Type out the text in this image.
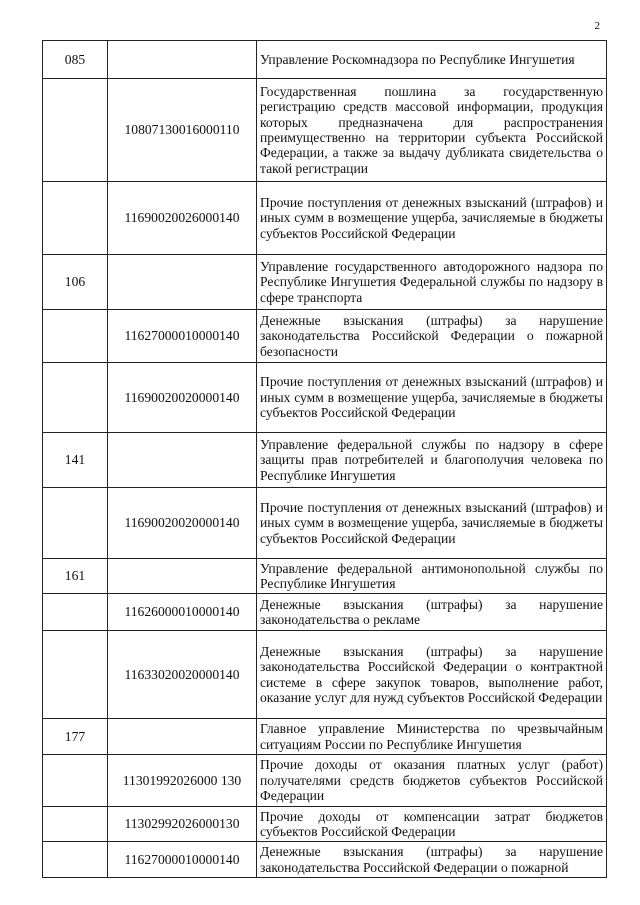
2
085		Управление Роскомнадзора по Республике Ингушетия
	10807130016000110	Государственная пошлина за государственную регистрацию средств массовой информации, продукция которых предназначена для распространения преимущественно на территории субъекта Российской Федерации, а также за выдачу дубликата свидетельства о такой регистрации
	11690020026000140	Прочие поступления от денежных взысканий (штрафов) и иных сумм в возмещение ущерба, зачисляемые в бюджеты субъектов Российской Федерации
106		Управление государственного автодорожного надзора по Республике Ингушетия Федеральной службы по надзору в сфере транспорта
	11627000010000140	Денежные взыскания (штрафы) за нарушение законодательства Российской Федерации о пожарной безопасности
	11690020020000140	Прочие поступления от денежных взысканий (штрафов) и иных сумм в возмещение ущерба, зачисляемые в бюджеты субъектов Российской Федерации
141		Управление федеральной службы по надзору в сфере защиты прав потребителей и благополучия человека по Республике Ингушетия
	11690020020000140	Прочие поступления от денежных взысканий (штрафов) и иных сумм в возмещение ущерба, зачисляемые в бюджеты субъектов Российской Федерации
161		Управление федеральной антимонопольной службы по Республике Ингушетия
	11626000010000140	Денежные взыскания (штрафы) за нарушение законодательства о рекламе
	11633020020000140	Денежные взыскания (штрафы) за нарушение законодательства Российской Федерации о контрактной системе в сфере закупок товаров, выполнение работ, оказание услуг для нужд субъектов Российской Федерации
177		Главное управление Министерства по чрезвычайным ситуациям России по Республике Ингушетия
	11301992026000 130	Прочие доходы от оказания платных услуг (работ) получателями средств бюджетов субъектов Российской Федерации
	11302992026000130	Прочие доходы от компенсации затрат бюджетов субъектов Российской Федерации
	11627000010000140	Денежные взыскания (штрафы) за нарушение законодательства Российской Федерации о пожарной
